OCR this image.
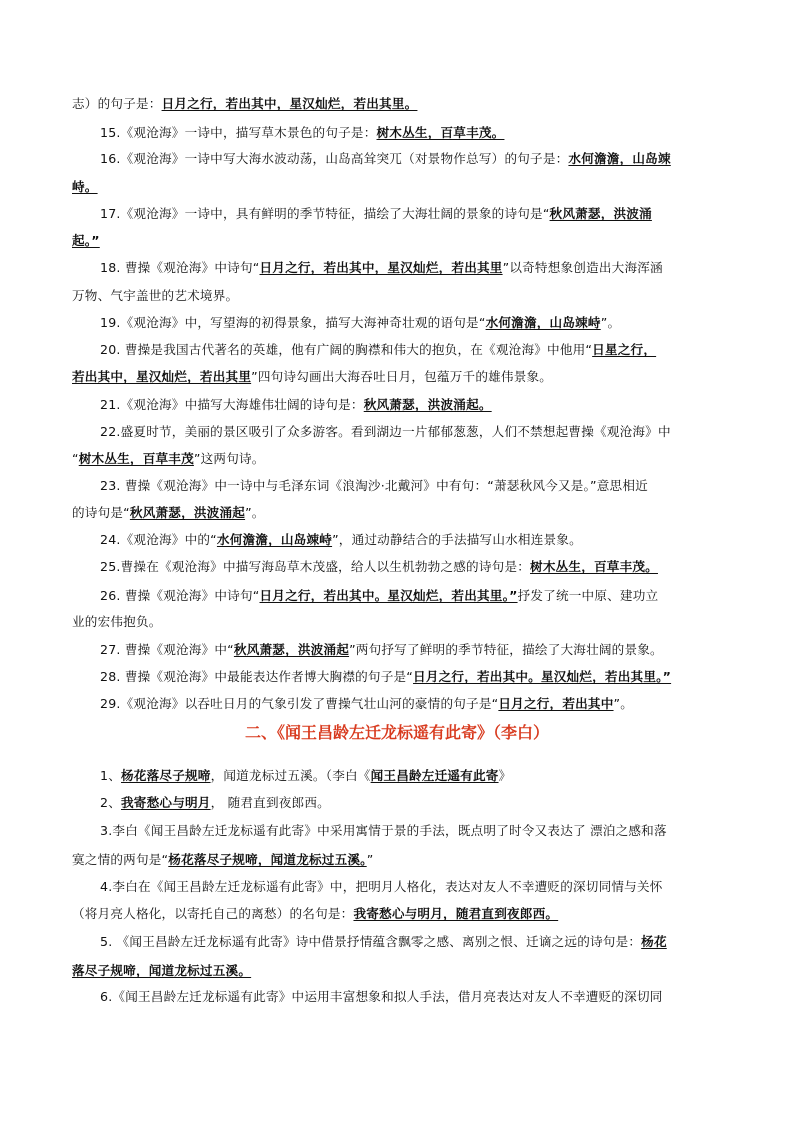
志）的句子是：日月之行，若出其中，星汉灿烂，若出其里。
15.《观沧海》一诗中，描写草木景色的句子是：树木丛生，百草丰茂。
16.《观沧海》一诗中写大海水波动荡，山岛高耸突兀（对景物作总写）的句子是：水何澹澹，山岛竦
峙。
17.《观沧海》一诗中，具有鲜明的季节特征，描绘了大海壮阔的景象的诗句是“秋风萧瑟，洪波涌
起。”
18. 曹操《观沧海》中诗句“日月之行，若出其中，星汉灿烂，若出其里”以奇特想象创造出大海浑涵
万物、气宇盖世的艺术境界。
19.《观沧海》中，写望海的初得景象，描写大海神奇壮观的语句是“水何澹澹，山岛竦峙”。
20. 曹操是我国古代著名的英雄，他有广阔的胸襟和伟大的抱负，在《观沧海》中他用“日星之行，
若出其中，星汉灿烂，若出其里”四句诗勾画出大海吞吐日月，包蕴万千的雄伟景象。
21.《观沧海》中描写大海雄伟壮阔的诗句是：秋风萧瑟，洪波涌起。
22.盛夏时节，美丽的景区吸引了众多游客。看到湖边一片郁郁葱葱，人们不禁想起曹操《观沧海》中
“树木丛生，百草丰茂”这两句诗。
23. 曹操《观沧海》中一诗中与毛泽东词《浪淘沙·北戴河》中有句：“萧瑟秋风今又是。”意思相近
的诗句是“秋风萧瑟，洪波涌起”。
24.《观沧海》中的“水何澹澹，山岛竦峙”，通过动静结合的手法描写山水相连景象。
25.曹操在《观沧海》中描写海岛草木茂盛，给人以生机勃勃之感的诗句是：树木丛生，百草丰茂。
26. 曹操《观沧海》中诗句“日月之行，若出其中。星汉灿烂，若出其里。”抒发了统一中原、建功立
业的宏伟抱负。
27. 曹操《观沧海》中“秋风萧瑟，洪波涌起”两句抒写了鲜明的季节特征，描绘了大海壮阔的景象。
28. 曹操《观沧海》中最能表达作者博大胸襟的句子是“日月之行，若出其中。星汉灿烂，若出其里。”
29.《观沧海》以吞吐日月的气象引发了曹操气壮山河的豪情的句子是“日月之行，若出其中”。
二、《闻王昌龄左迁龙标遥有此寄》（李白）
1、杨花落尽子规啼，闻道龙标过五溪。（李白《闻王昌龄左迁遥有此寄》
2、我寄愁心与明月， 随君直到夜郎西。
3.李白《闻王昌龄左迁龙标遥有此寄》中采用寓情于景的手法，既点明了时令又表达了 漂泊之感和落
寞之情的两句是“杨花落尽子规啼，闻道龙标过五溪。”
4.李白在《闻王昌龄左迁龙标遥有此寄》中，把明月人格化，表达对友人不幸遭贬的深切同情与关怀
（将月亮人格化，以寄托自己的离愁）的名句是：我寄愁心与明月，随君直到夜郎西。
5. 《闻王昌龄左迁龙标遥有此寄》诗中借景抒情蕴含飘零之感、离别之恨、迁谪之远的诗句是：杨花
落尽子规啼，闻道龙标过五溪。
6.《闻王昌龄左迁龙标遥有此寄》中运用丰富想象和拟人手法，借月亮表达对友人不幸遭贬的深切同
